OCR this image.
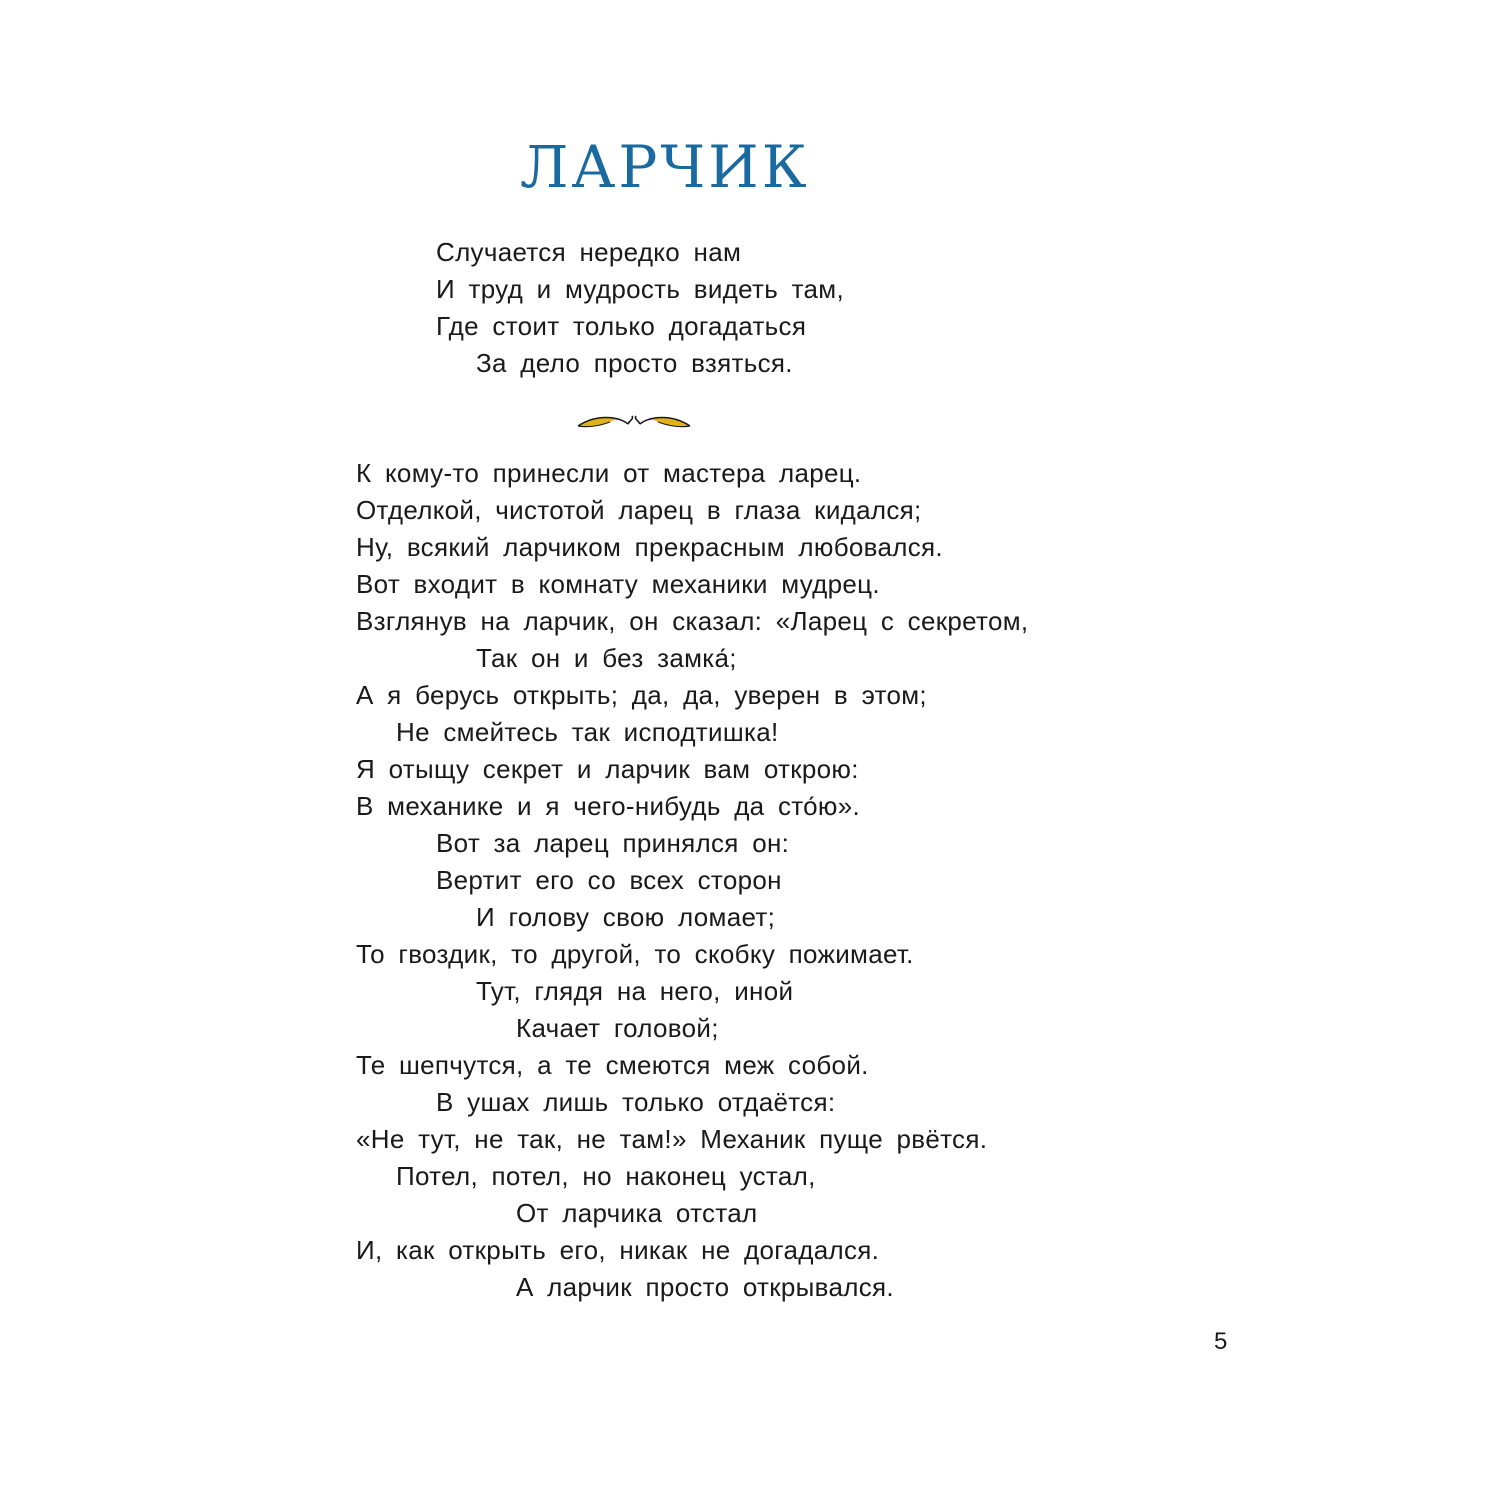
ЛАРЧИК
Случается нередко нам
И труд и мудрость видеть там,
Где стоит только догадаться
За дело просто взяться.
К кому-то принесли от мастера ларец.
Отделкой, чистотой ларец в глаза кидался;
Ну, всякий ларчиком прекрасным любовался.
Вот входит в комнату механики мудрец.
Взглянув на ларчик, он сказал: «Ларец с секретом,
Так он и без замка́;
А я берусь открыть; да, да, уверен в этом;
Не смейтесь так исподтишка!
Я отыщу секрет и ларчик вам открою:
В механике и я чего-нибудь да сто́ю».
Вот за ларец принялся он:
Вертит его со всех сторон
И голову свою ломает;
То гвоздик, то другой, то скобку пожимает.
Тут, глядя на него, иной
Качает головой;
Те шепчутся, а те смеются меж собой.
В ушах лишь только отдаётся:
«Не тут, не так, не там!» Механик пуще рвётся.
Потел, потел, но наконец устал,
От ларчика отстал
И, как открыть его, никак не догадался.
А ларчик просто открывался.
5
